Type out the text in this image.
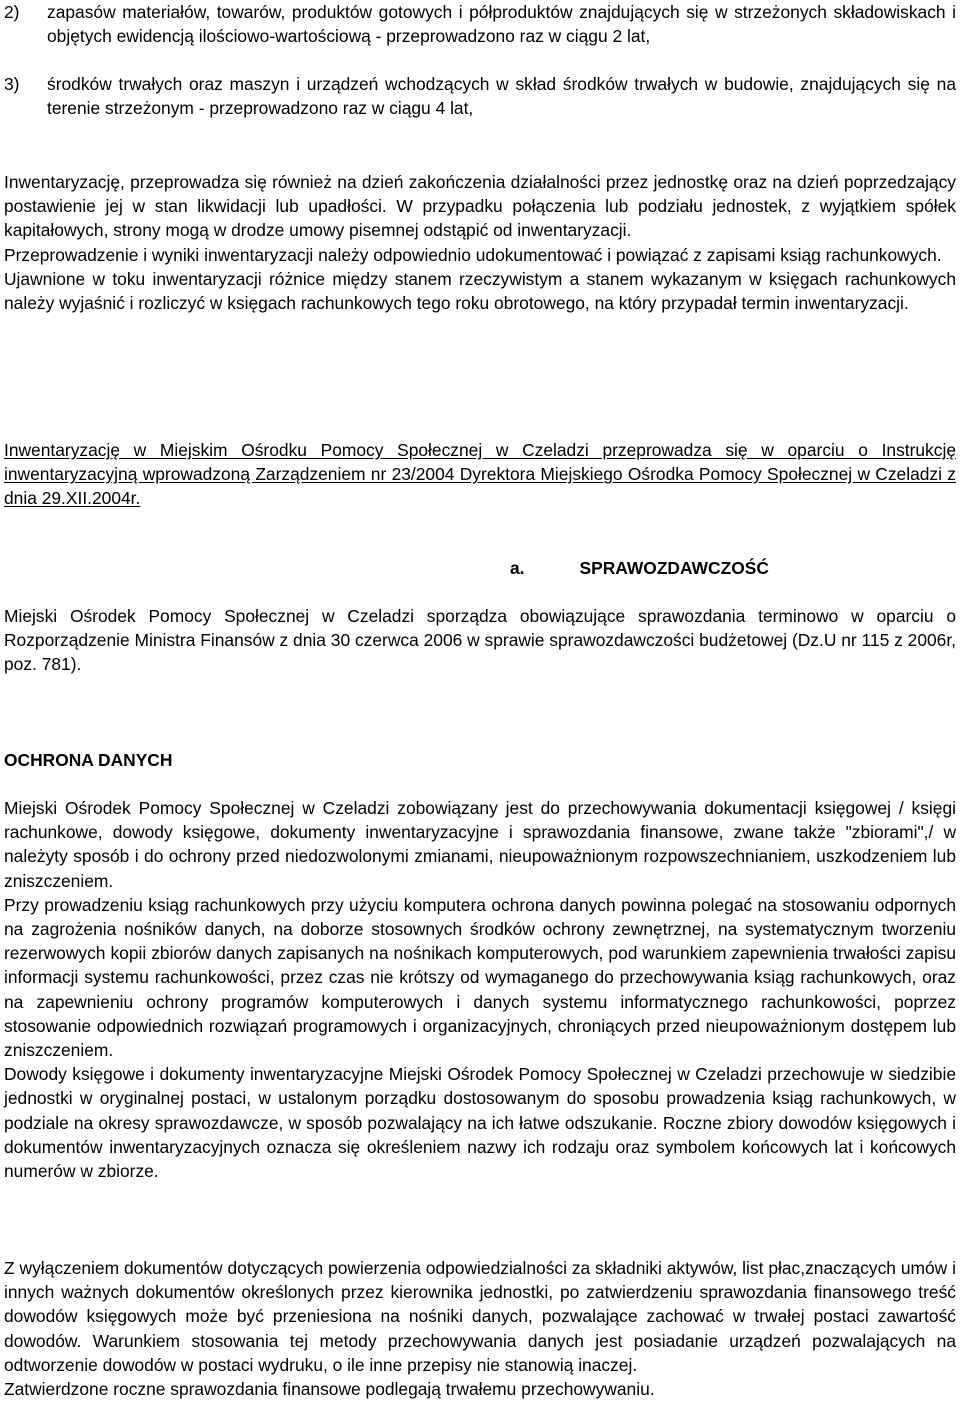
2) zapasów materiałów, towarów, produktów gotowych i półproduktów znajdujących się w strzeżonych składowiskach i objętych ewidencją ilościowo-wartościową - przeprowadzono raz w ciągu 2 lat,

3) środków trwałych oraz maszyn i urządzeń wchodzących w skład środków trwałych w budowie, znajdujących się na terenie strzeżonym - przeprowadzono raz w ciągu 4 lat,

Inwentaryzację, przeprowadza się również na dzień zakończenia działalności przez jednostkę oraz na dzień poprzedzający postawienie jej w stan likwidacji lub upadłości. W przypadku połączenia lub podziału jednostek, z wyjątkiem spółek kapitałowych, strony mogą w drodze umowy pisemnej odstąpić od inwentaryzacji.

Przeprowadzenie i wyniki inwentaryzacji należy odpowiednio udokumentować i powiązać z zapisami ksiąg rachunkowych.

Ujawnione w toku inwentaryzacji różnice między stanem rzeczywistym a stanem wykazanym w księgach rachunkowych należy wyjaśnić i rozliczyć w księgach rachunkowych tego roku obrotowego, na który przypadał termin inwentaryzacji.

Inwentaryzację w Miejskim Ośrodku Pomocy Społecznej w Czeladzi przeprowadza się w oparciu o Instrukcję inwentaryzacyjną wprowadzoną Zarządzeniem nr 23/2004 Dyrektora Miejskiego Ośrodka Pomocy Społecznej w Czeladzi z dnia 29.XII.2004r.

a.	SPRAWOZDAWCZOŚĆ

Miejski Ośrodek Pomocy Społecznej w Czeladzi sporządza obowiązujące sprawozdania terminowo w oparciu o Rozporządzenie Ministra Finansów z dnia 30 czerwca 2006 w sprawie sprawozdawczości budżetowej (Dz.U nr 115 z 2006r, poz. 781).

OCHRONA DANYCH

Miejski Ośrodek Pomocy Społecznej w Czeladzi zobowiązany jest do przechowywania dokumentacji księgowej / księgi rachunkowe, dowody księgowe, dokumenty inwentaryzacyjne i sprawozdania finansowe, zwane także "zbiorami",/ w należyty sposób i do ochrony przed niedozwolonymi zmianami, nieupoważnionym rozpowszechnianiem, uszkodzeniem lub zniszczeniem.

Przy prowadzeniu ksiąg rachunkowych przy użyciu komputera ochrona danych powinna polegać na stosowaniu odpornych na zagrożenia nośników danych, na doborze stosownych środków ochrony zewnętrznej, na systematycznym tworzeniu rezerwowych kopii zbiorów danych zapisanych na nośnikach komputerowych, pod warunkiem zapewnienia trwałości zapisu informacji systemu rachunkowości, przez czas nie krótszy od wymaganego do przechowywania ksiąg rachunkowych, oraz na zapewnieniu ochrony programów komputerowych i danych systemu informatycznego rachunkowości, poprzez stosowanie odpowiednich rozwiązań programowych i organizacyjnych, chroniących przed nieupoważnionym dostępem lub zniszczeniem.

Dowody księgowe i dokumenty inwentaryzacyjne Miejski Ośrodek Pomocy Społecznej w Czeladzi przechowuje w siedzibie jednostki w oryginalnej postaci, w ustalonym porządku dostosowanym do sposobu prowadzenia ksiąg rachunkowych, w podziale na okresy sprawozdawcze, w sposób pozwalający na ich łatwe odszukanie. Roczne zbiory dowodów księgowych i dokumentów inwentaryzacyjnych oznacza się określeniem nazwy ich rodzaju oraz symbolem końcowych lat i końcowych numerów w zbiorze.

Z wyłączeniem dokumentów dotyczących powierzenia odpowiedzialności za składniki aktywów, list płac,znaczących umów i innych ważnych dokumentów określonych przez kierownika jednostki, po zatwierdzeniu sprawozdania finansowego treść dowodów księgowych może być przeniesiona na nośniki danych, pozwalające zachować w trwałej postaci zawartość dowodów. Warunkiem stosowania tej metody przechowywania danych jest posiadanie urządzeń pozwalających na odtworzenie dowodów w postaci wydruku, o ile inne przepisy nie stanowią inaczej.

Zatwierdzone roczne sprawozdania finansowe podlegają trwałemu przechowywaniu.
